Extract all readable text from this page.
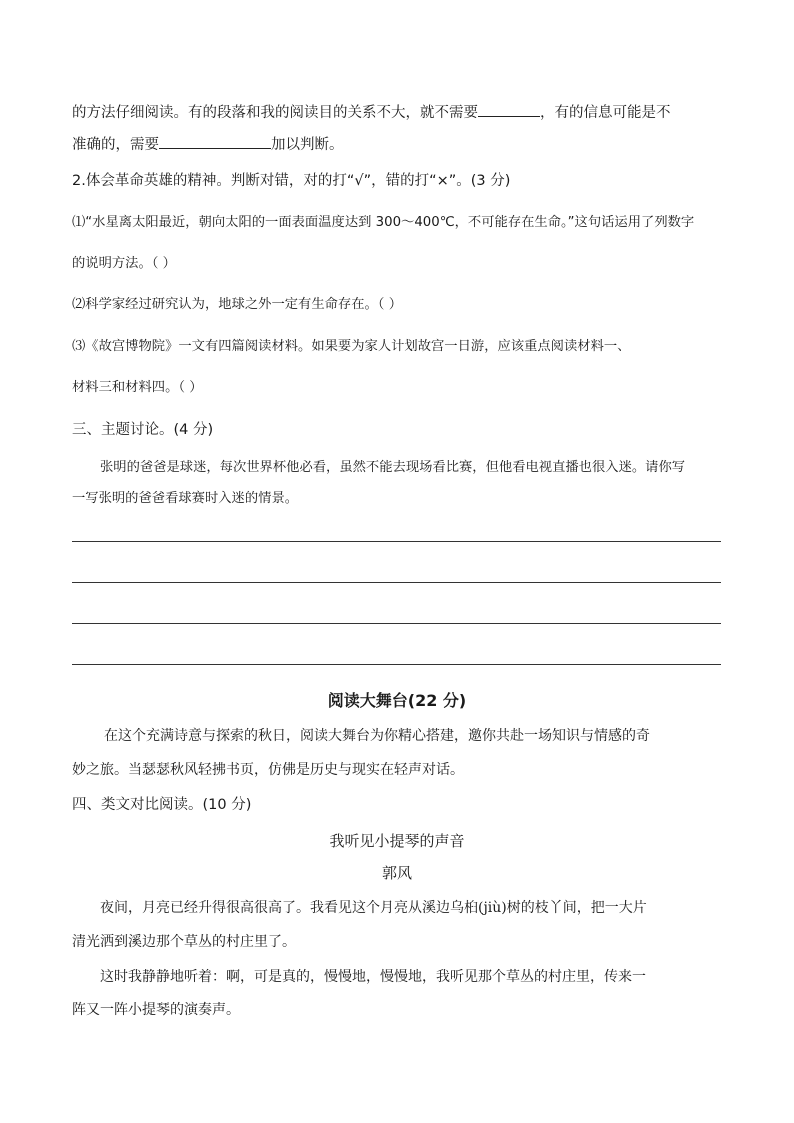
的方法仔细阅读。有的段落和我的阅读目的关系不大，就不需要	，有的信息可能是不
准确的，需要	加以判断。
2.体会革命英雄的精神。判断对错，对的打“√”，错的打“×”。(3 分)
⑴“水星离太阳最近，朝向太阳的一面表面温度达到 300～400℃，不可能存在生命。”这句话运用了列数字
的说明方法。（ ）
⑵科学家经过研究认为，地球之外一定有生命存在。（ ）
⑶《故宫博物院》一文有四篇阅读材料。如果要为家人计划故宫一日游，应该重点阅读材料一、
材料三和材料四。（ ）
三、主题讨论。(4 分)
张明的爸爸是球迷，每次世界杯他必看，虽然不能去现场看比赛，但他看电视直播也很入迷。请你写
一写张明的爸爸看球赛时入迷的情景。
阅读大舞台(22 分)
在这个充满诗意与探索的秋日，阅读大舞台为你精心搭建，邀你共赴一场知识与情感的奇
妙之旅。当瑟瑟秋风轻拂书页，仿佛是历史与现实在轻声对话。
四、类文对比阅读。(10 分)
我听见小提琴的声音
郭风
夜间，月亮已经升得很高很高了。我看见这个月亮从溪边乌桕(jiù)树的枝丫间，把一大片
清光洒到溪边那个草丛的村庄里了。
这时我静静地听着：啊，可是真的，慢慢地，慢慢地，我听见那个草丛的村庄里，传来一
阵又一阵小提琴的演奏声。
